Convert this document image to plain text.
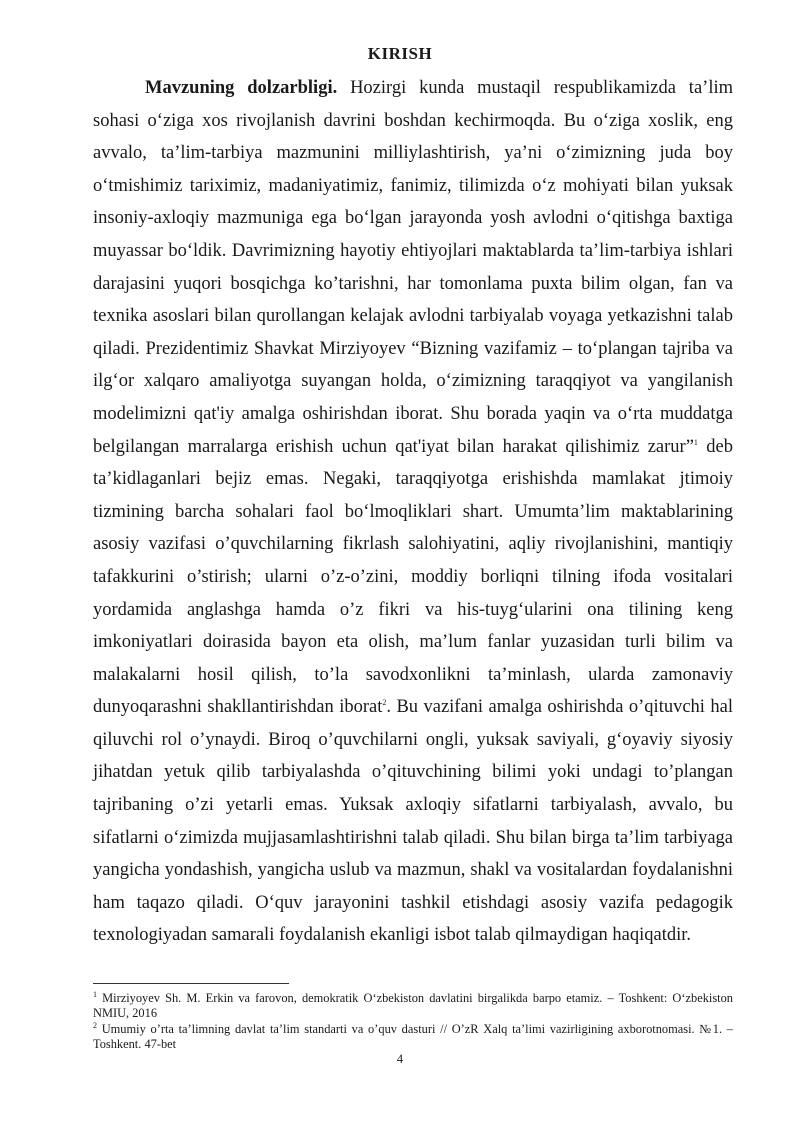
KIRISH

Mavzuning dolzarbligi. Hozirgi kunda mustaqil respublikamizda ta’lim sohasi o‘ziga xos rivojlanish davrini boshdan kechirmoqda. Bu o‘ziga xoslik, eng avvalo, ta’lim-tarbiya mazmunini milliylashtirish, ya’ni o‘zimizning juda boy o‘tmishimiz tariximiz, madaniyatimiz, fanimiz, tilimizda o‘z mohiyati bilan yuksak insoniy-axloqiy mazmuniga ega bo‘lgan jarayonda yosh avlodni o‘qitishga baxtiga muyassar bo‘ldik. Davrimizning hayotiy ehtiyojlari maktablarda ta’lim-tarbiya ishlari darajasini yuqori bosqichga ko’tarishni, har tomonlama puxta bilim olgan, fan va texnika asoslari bilan qurollangan kelajak avlodni tarbiyalab voyaga yetkazishni talab qiladi. Prezidentimiz Shavkat Mirziyoyev “Bizning vazifamiz – to‘plangan tajriba va ilg‘or xalqaro amaliyotga suyangan holda, o‘zimizning taraqqiyot va yangilanish modelimizni qat'iy amalga oshirishdan iborat. Shu borada yaqin va o‘rta muddatga belgilangan marralarga erishish uchun qat'iyat bilan harakat qilishimiz zarur”$^1$ deb ta’kidlaganlari bejiz emas. Negaki, taraqqiyotga erishishda mamlakat jtimoiy tizmining barcha sohalari faol bo‘lmoqliklari shart. Umumta’lim maktablarining asosiy vazifasi o’quvchilarning fikrlash salohiyatini, aqliy rivojlanishini, mantiqiy tafakkurini o’stirish; ularni o’z-o’zini, moddiy borliqni tilning ifoda vositalari yordamida anglashga hamda o’z fikri va his-tuyg‘ularini ona tilining keng imkoniyatlari doirasida bayon eta olish, ma’lum fanlar yuzasidan turli bilim va malakalarni hosil qilish, to’la savodxonlikni ta’minlash, ularda zamonaviy dunyoqarashni shakllantirishdan iborat$^2$. Bu vazifani amalga oshirishda o’qituvchi hal qiluvchi rol o’ynaydi. Biroq o’quvchilarni ongli, yuksak saviyali, g‘oyaviy siyosiy jihatdan yetuk qilib tarbiyalashda o’qituvchining bilimi yoki undagi to’plangan tajribaning o’zi yetarli emas. Yuksak axloqiy sifatlarni tarbiyalash, avvalo, bu sifatlarni o‘zimizda mujjasamlashtirishni talab qiladi. Shu bilan birga ta’lim tarbiyaga yangicha yondashish, yangicha uslub va mazmun, shakl va vositalardan foydalanishni ham taqazo qiladi. O‘quv jarayonini tashkil etishdagi asosiy vazifa pedagogik texnologiyadan samarali foydalanish ekanligi isbot talab qilmaydigan haqiqatdir.

$^1$ Mirziyoyev Sh. M. Erkin va farovon, demokratik O‘zbekiston davlatini birgalikda barpo etamiz. – Toshkent: O‘zbekiston NMIU, 2016
$^2$ Umumiy o’rta ta’limning davlat ta’lim standarti va o’quv dasturi // O’zR Xalq ta’limi vazirligining axborotnomasi. №1. – Toshkent. 47-bet
4
